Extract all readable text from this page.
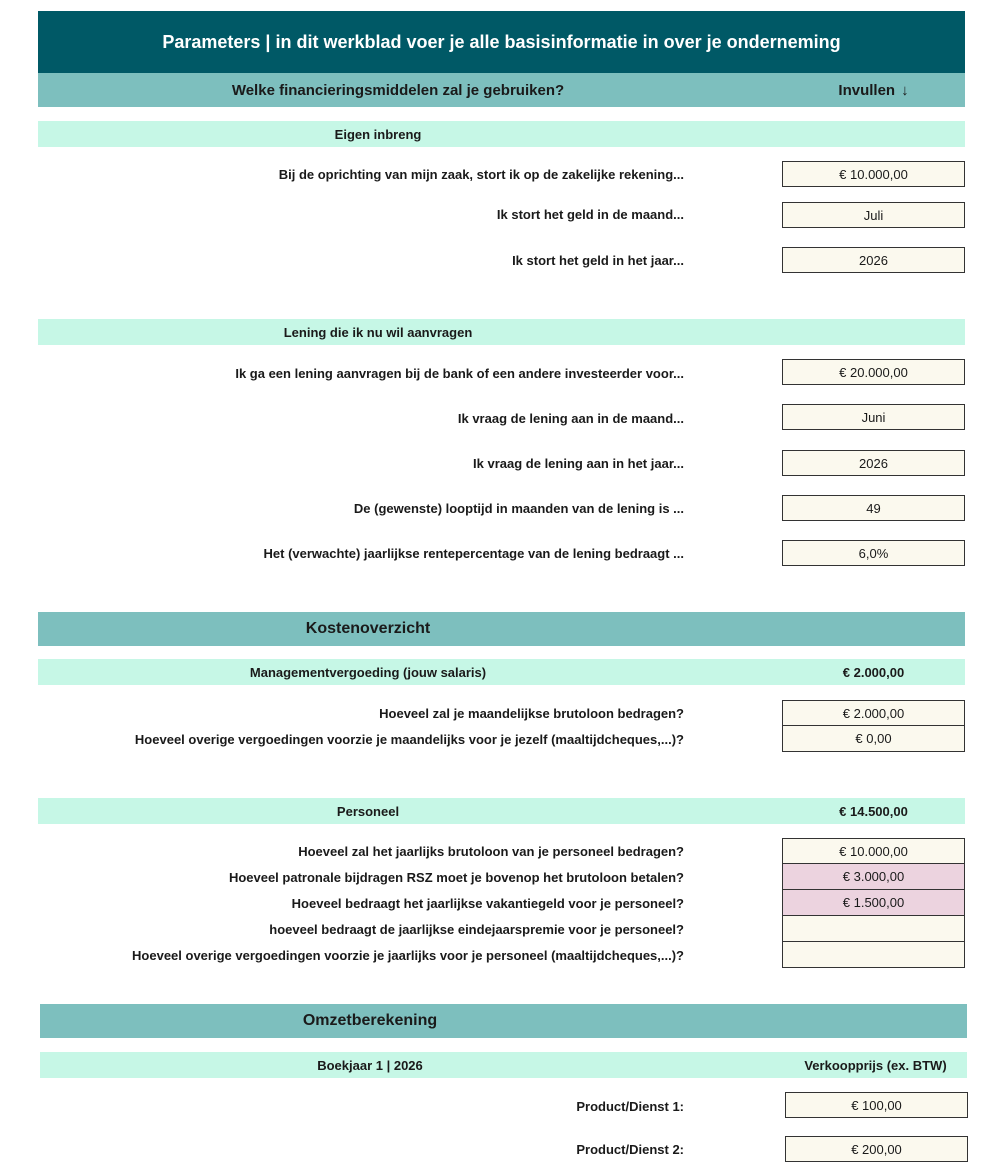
Parameters | in dit werkblad voer je alle basisinformatie in over je onderneming
Welke financieringsmiddelen zal je gebruiken?	Invullen ↓
Eigen inbreng
Bij de oprichting van mijn zaak, stort ik op de zakelijke rekening...	€ 10.000,00
Ik stort het geld in de maand...	Juli
Ik stort het geld in het jaar...	2026
Lening die ik nu wil aanvragen
Ik ga een lening aanvragen bij de bank of een andere investeerder voor...	€ 20.000,00
Ik vraag de lening aan in de maand...	Juni
Ik vraag de lening aan in het jaar...	2026
De (gewenste) looptijd in maanden van de lening is ...	49
Het (verwachte) jaarlijkse rentepercentage van de lening bedraagt ...	6,0%
Kostenoverzicht
Managementvergoeding (jouw salaris)	€ 2.000,00
Hoeveel zal je maandelijkse brutoloon bedragen?	€ 2.000,00
Hoeveel overige vergoedingen voorzie je maandelijks voor je jezelf (maaltijdcheques,...)?	€ 0,00
Personeel	€ 14.500,00
Hoeveel zal het jaarlijks brutoloon van je personeel bedragen?	€ 10.000,00
Hoeveel patronale bijdragen RSZ moet je bovenop het brutoloon betalen?	€ 3.000,00
Hoeveel bedraagt het jaarlijkse vakantiegeld voor je personeel?	€ 1.500,00
hoeveel bedraagt de jaarlijkse eindejaarspremie voor je personeel?
Hoeveel overige vergoedingen voorzie je jaarlijks voor je personeel (maaltijdcheques,...)?
Omzetberekening
Boekjaar 1 | 2026	Verkoopprijs (ex. BTW)
Product/Dienst 1:	€ 100,00
Product/Dienst 2:	€ 200,00
